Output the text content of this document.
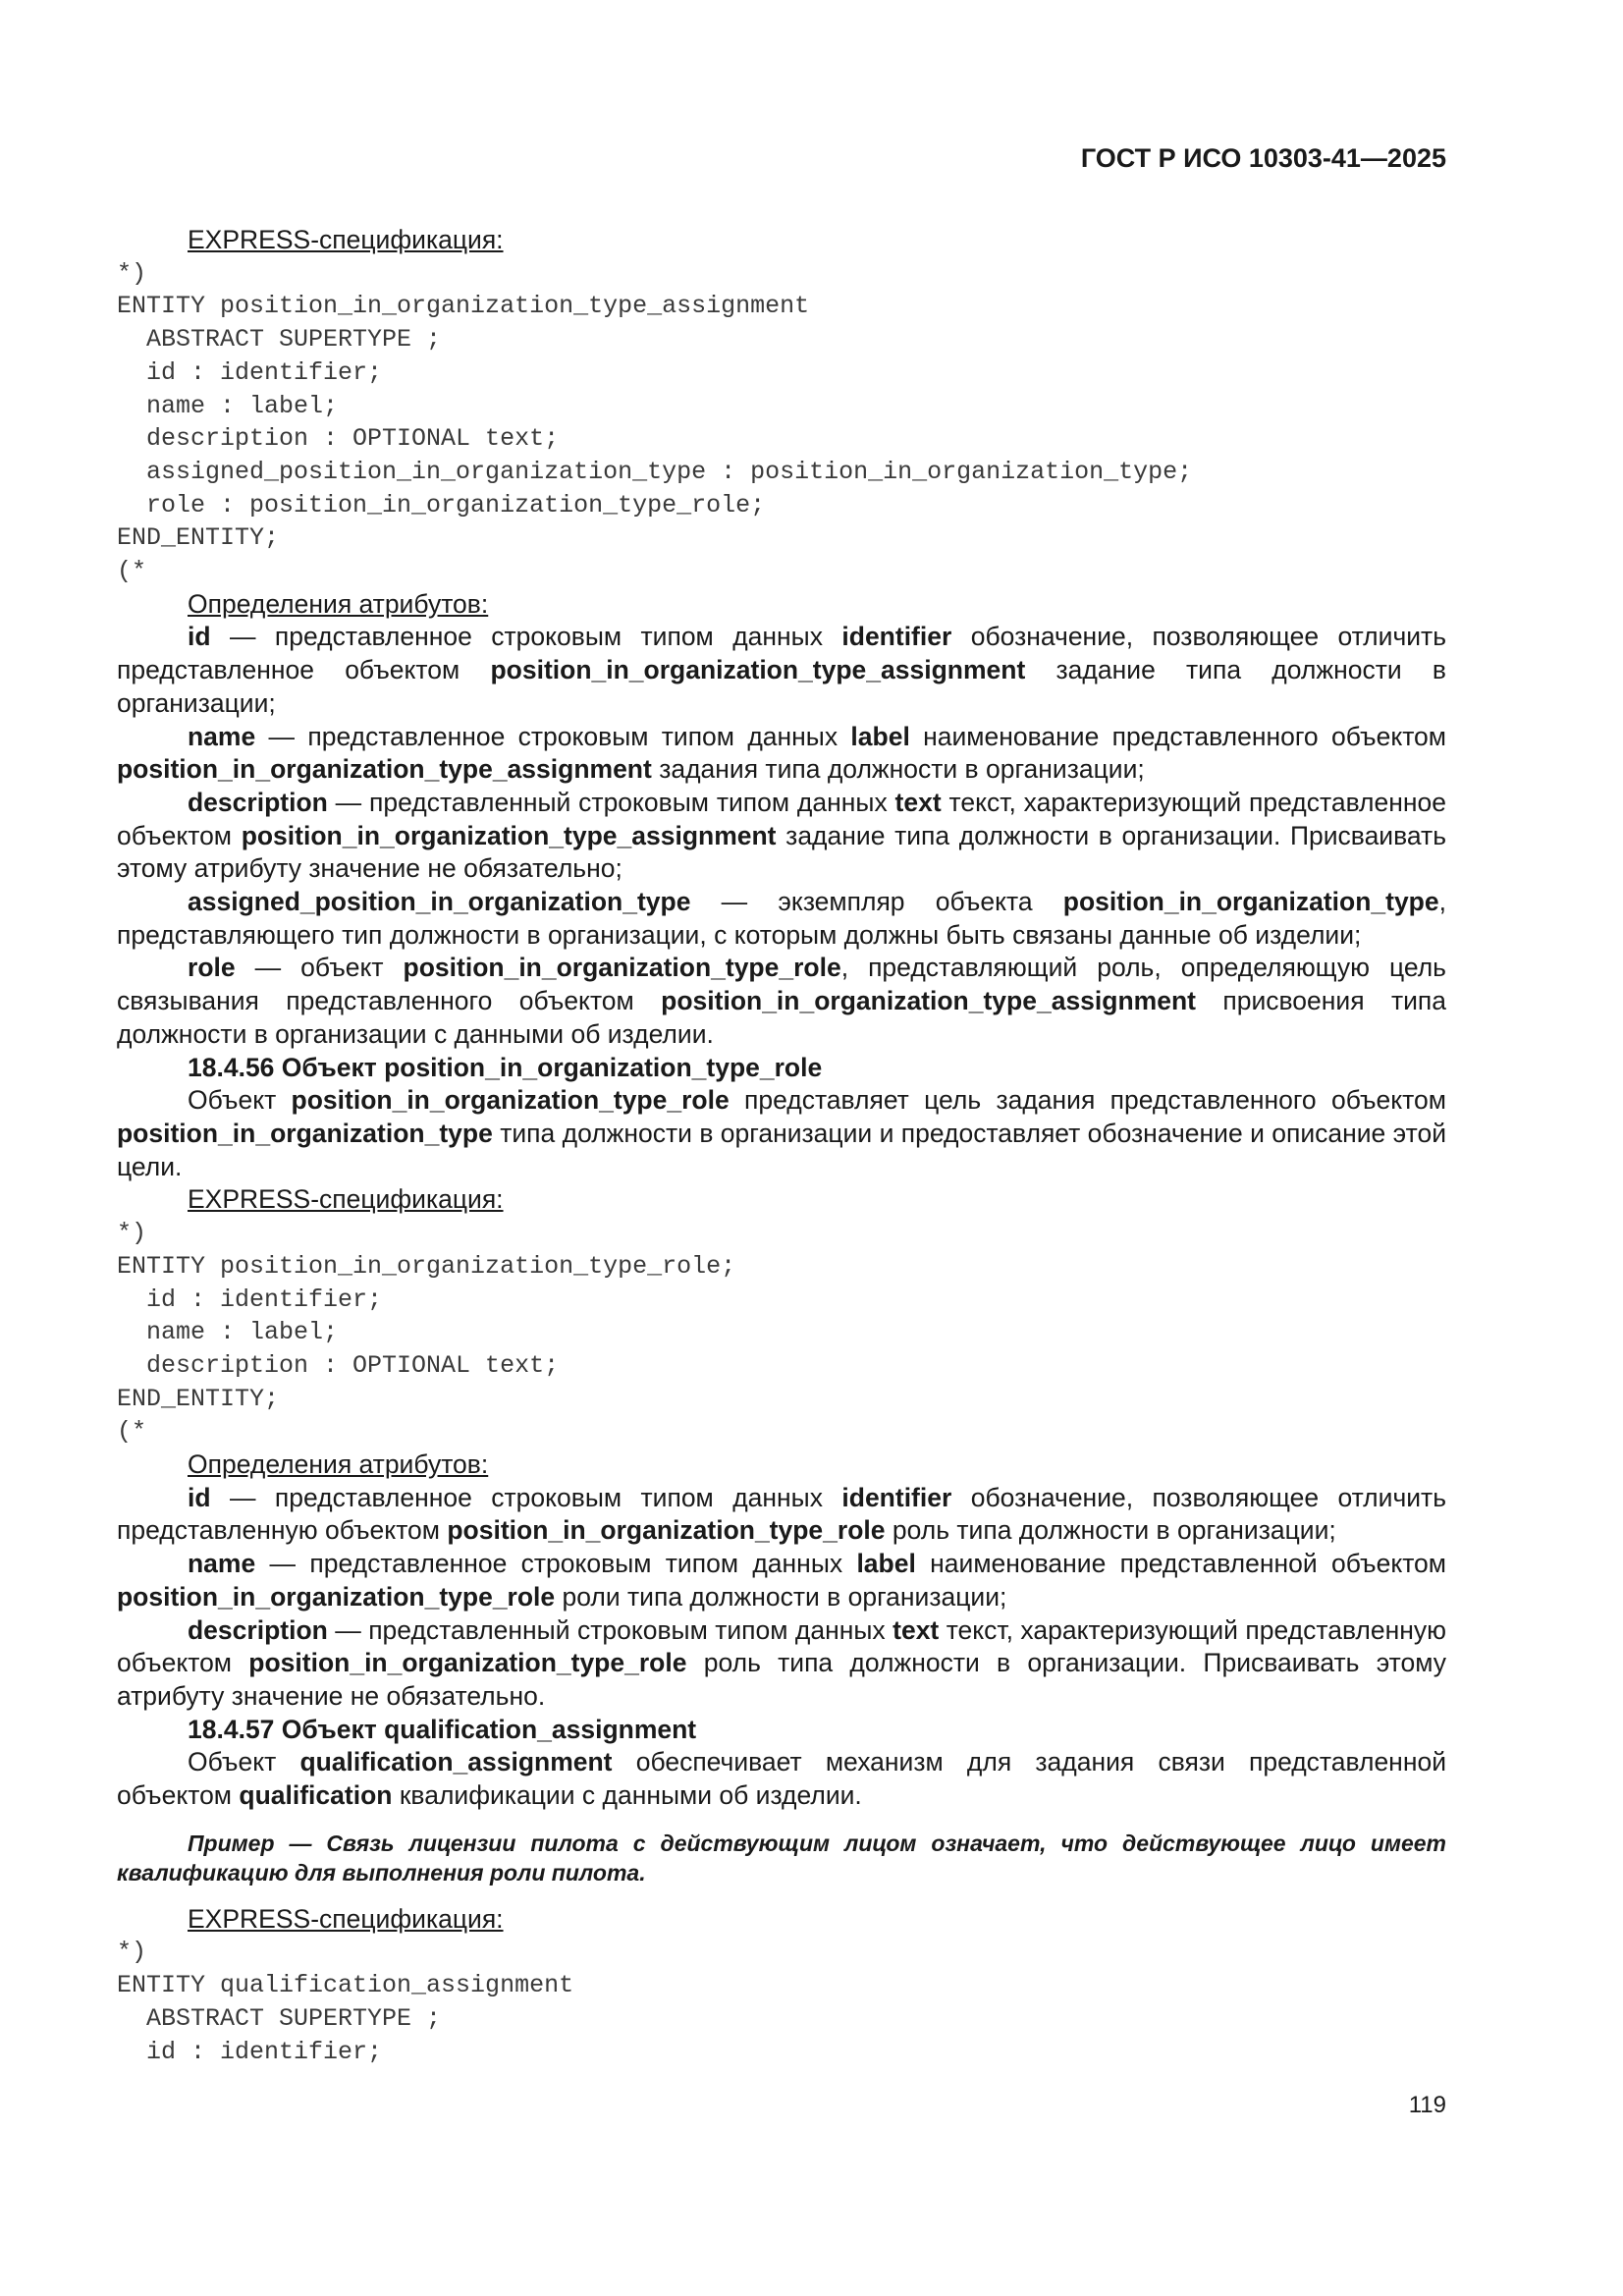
ГОСТ Р ИСО 10303-41—2025

EXPRESS-спецификация:

*)

ENTITY position_in_organization_type_assignment

ABSTRACT SUPERTYPE ;

id : identifier;

name : label;

description : OPTIONAL text;

assigned_position_in_organization_type : position_in_organization_type;

role : position_in_organization_type_role;

END_ENTITY;

(*

Определения атрибутов:

id — представленное строковым типом данных identifier обозначение, позволяющее отличить представленное объектом position_in_organization_type_assignment задание типа должности в организации;

name — представленное строковым типом данных label наименование представленного объектом position_in_organization_type_assignment задания типа должности в организации;

description — представленный строковым типом данных text текст, характеризующий представленное объектом position_in_organization_type_assignment задание типа должности в организации. Присваивать этому атрибуту значение не обязательно;

assigned_position_in_organization_type — экземпляр объекта position_in_organization_type, представляющего тип должности в организации, с которым должны быть связаны данные об изделии;

role — объект position_in_organization_type_role, представляющий роль, определяющую цель связывания представленного объектом position_in_organization_type_assignment присвоения типа должности в организации с данными об изделии.

18.4.56 Объект position_in_organization_type_role

Объект position_in_organization_type_role представляет цель задания представленного объектом position_in_organization_type типа должности в организации и предоставляет обозначение и описание этой цели.

EXPRESS-спецификация:

*)

ENTITY position_in_organization_type_role;

id : identifier;

name : label;

description : OPTIONAL text;

END_ENTITY;

(*

Определения атрибутов:

id — представленное строковым типом данных identifier обозначение, позволяющее отличить представленную объектом position_in_organization_type_role роль типа должности в организации;

name — представленное строковым типом данных label наименование представленной объектом position_in_organization_type_role роли типа должности в организации;

description — представленный строковым типом данных text текст, характеризующий представленную объектом position_in_organization_type_role роль типа должности в организации. Присваивать этому атрибуту значение не обязательно.

18.4.57 Объект qualification_assignment

Объект qualification_assignment обеспечивает механизм для задания связи представленной объектом qualification квалификации с данными об изделии.

Пример — Связь лицензии пилота с действующим лицом означает, что действующее лицо имеет квалификацию для выполнения роли пилота.

EXPRESS-спецификация:

*)

ENTITY qualification_assignment

ABSTRACT SUPERTYPE ;

id : identifier;

119
